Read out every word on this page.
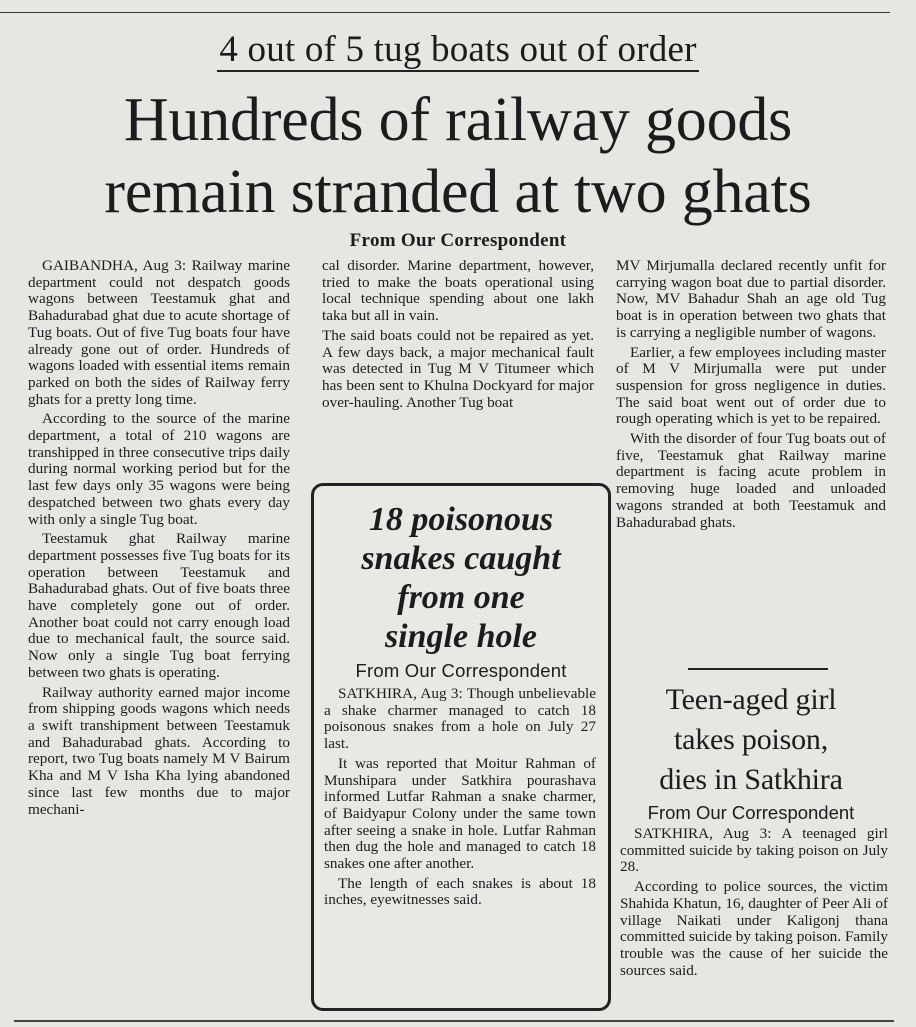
4 out of 5 tug boats out of order
Hundreds of railway goods
remain stranded at two ghats
From Our Correspondent

GAIBANDHA, Aug 3: Railway marine department could not despatch goods wagons between Teestamuk ghat and Bahadurabad ghat due to acute shortage of Tug boats. Out of five Tug boats four have already gone out of order. Hundreds of wagons loaded with essential items remain parked on both the sides of Railway ferry ghats for a pretty long time.

According to the source of the marine department, a total of 210 wagons are transhipped in three consecutive trips daily during normal working period but for the last few days only 35 wagons were being despatched between two ghats every day with only a single Tug boat.

Teestamuk ghat Railway marine department possesses five Tug boats for its operation between Teestamuk and Bahadurabad ghats. Out of five boats three have completely gone out of order. Another boat could not carry enough load due to mechanical fault, the source said. Now only a single Tug boat ferrying between two ghats is operating.

Railway authority earned major income from shipping goods wagons which needs a swift transhipment between Teestamuk and Bahadurabad ghats. According to report, two Tug boats namely M V Bairum Kha and M V Isha Kha lying abandoned since last few months due to major mechani-

cal disorder. Marine department, however, tried to make the boats operational using local technique spending about one lakh taka but all in vain.

The said boats could not be repaired as yet. A few days back, a major mechanical fault was detected in Tug M V Titumeer which has been sent to Khulna Dockyard for major over-hauling. Another Tug boat

MV Mirjumalla declared recently unfit for carrying wagon boat due to partial disorder. Now, MV Bahadur Shah an age old Tug boat is in operation between two ghats that is carrying a negligible number of wagons.

Earlier, a few employees including master of M V Mirjumalla were put under suspension for gross negligence in duties. The said boat went out of order due to rough operating which is yet to be repaired.

With the disorder of four Tug boats out of five, Teestamuk ghat Railway marine department is facing acute problem in removing huge loaded and unloaded wagons stranded at both Teestamuk and Bahadurabad ghats.

18 poisonous
snakes caught
from one
single hole
From Our Correspondent

SATKHIRA, Aug 3: Though unbelievable a shake charmer managed to catch 18 poisonous snakes from a hole on July 27 last.

It was reported that Moitur Rahman of Munshipara under Satkhira pourashava informed Lutfar Rahman a snake charmer, of Baidyapur Colony under the same town after seeing a snake in hole. Lutfar Rahman then dug the hole and managed to catch 18 snakes one after another.

The length of each snakes is about 18 inches, eyewitnesses said.

Teen-aged girl
takes poison,
dies in Satkhira
From Our Correspondent

SATKHIRA, Aug 3: A teenaged girl committed suicide by taking poison on July 28.

According to police sources, the victim Shahida Khatun, 16, daughter of Peer Ali of village Naikati under Kaligonj thana committed suicide by taking poison. Family trouble was the cause of her suicide the sources said.
